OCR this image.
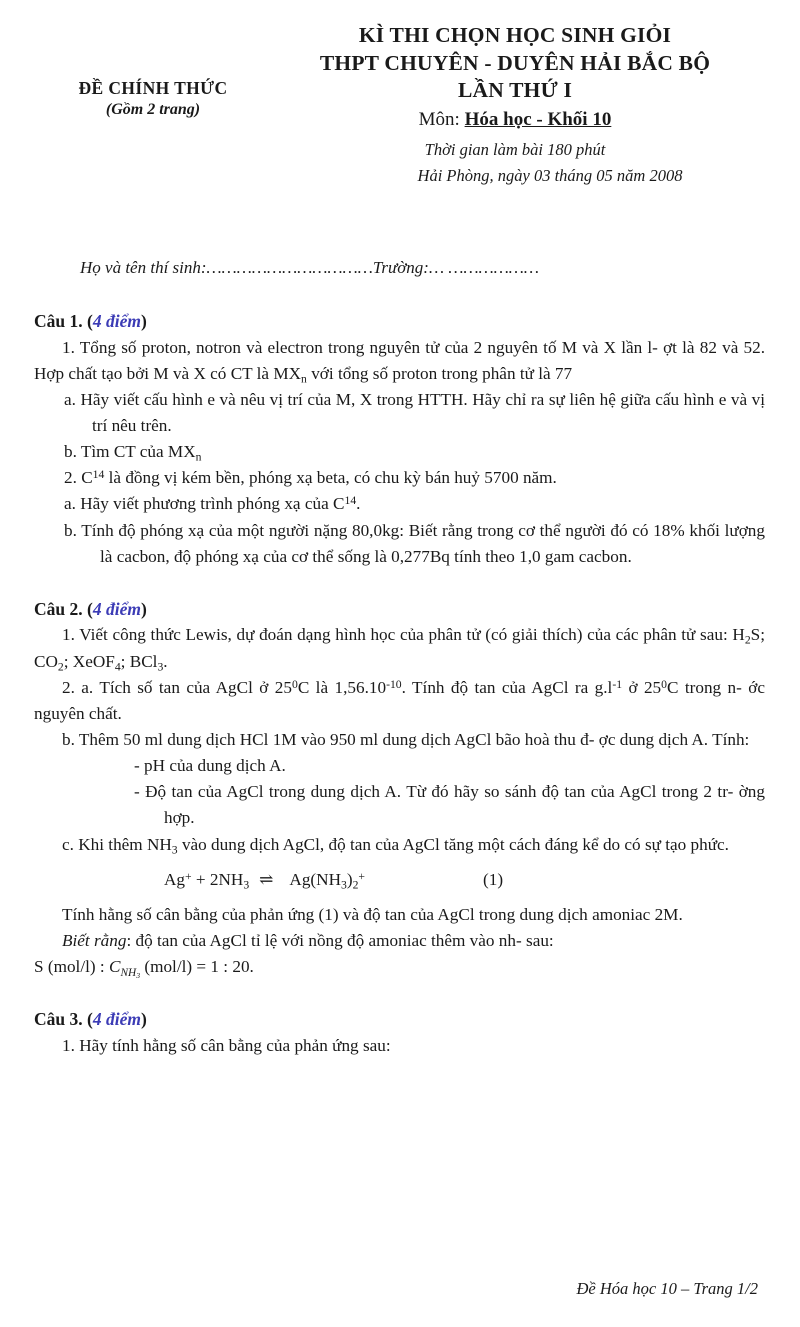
ĐỀ CHÍNH THỨC
(Gồm 2 trang)
KÌ THI CHỌN HỌC SINH GIỎI
THPT CHUYÊN - DUYÊN HẢI BẮC BỘ
LẦN THỨ I
Môn: Hóa học - Khối 10
Thời gian làm bài 180 phút
Hải Phòng, ngày 03 tháng 05 năm 2008
Họ và tên thí sinh:……………………………Trường:… ………………
Câu 1. (4 điểm)

1. Tổng số proton, notron và electron trong nguyên tử của 2 nguyên tố M và X lần l- ợt là 82 và 52. Hợp chất tạo bởi M và X có CT là $MX_n$ với tổng số proton trong phân tử là 77

a. Hãy viết cấu hình e và nêu vị trí của M, X trong HTTH. Hãy chỉ ra sự liên hệ giữa cấu hình e và vị trí nêu trên.

b. Tìm CT của $MX_n$

2. $C^{14}$ là đồng vị kém bền, phóng xạ beta, có chu kỳ bán huỷ 5700 năm.

a. Hãy viết phương trình phóng xạ của $C^{14}$.

b. Tính độ phóng xạ của một người nặng 80,0kg: Biết rằng trong cơ thể người đó có 18% khối lượng là cacbon, độ phóng xạ của cơ thể sống là 0,277Bq tính theo 1,0 gam cacbon.

Câu 2. (4 điểm)

1. Viết công thức Lewis, dự đoán dạng hình học của phân tử (có giải thích) của các phân tử sau: $H_2S$; $CO_2$; XeOF$_4$; BCl$_3$.

2. a. Tích số tan của AgCl ở $25^0C$ là $1,56.10^{-10}$. Tính độ tan của AgCl ra $g.l^{-1}$ ở $25^0C$ trong n- ớc nguyên chất.

b. Thêm 50 ml dung dịch HCl 1M vào 950 ml dung dịch AgCl bão hoà thu đ- ợc dung dịch A. Tính:

- pH của dung dịch A.

- Độ tan của AgCl trong dung dịch A. Từ đó hãy so sánh độ tan của AgCl trong 2 tr- ờng hợp.

c. Khi thêm $NH_3$ vào dung dịch AgCl, độ tan của AgCl tăng một cách đáng kể do có sự tạo phức.

$Ag^+ + 2NH_3$ ⇌ $Ag(NH_3)_2^+$	(1)

Tính hằng số cân bằng của phản ứng (1) và độ tan của AgCl trong dung dịch amoniac 2M.

Biết rằng: độ tan của AgCl tỉ lệ với nồng độ amoniac thêm vào nh- sau:

S (mol/l) : $CNH_3$ (mol/l) = 1 : 20.

Câu 3. (4 điểm)

1. Hãy tính hằng số cân bằng của phản ứng sau:

Đề Hóa học 10 – Trang 1/2
